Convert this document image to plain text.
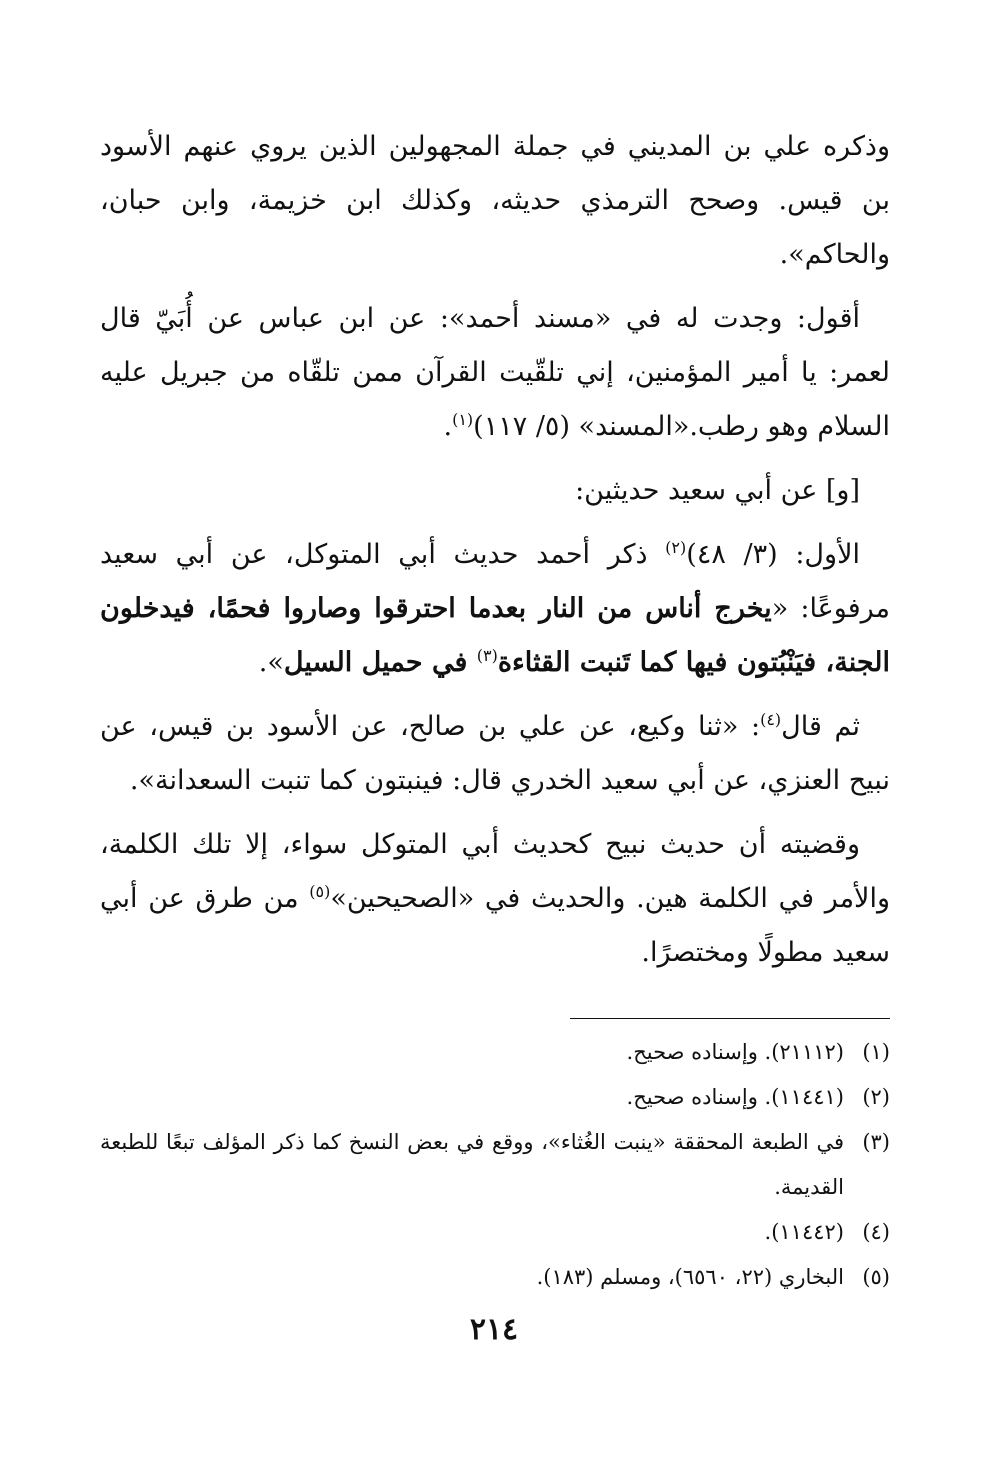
وذكره علي بن المديني في جملة المجهولين الذين يروي عنهم الأسود بن قيس. وصحح الترمذي حديثه، وكذلك ابن خزيمة، وابن حبان، والحاكم».

أقول: وجدت له في «مسند أحمد»: عن ابن عباس عن أُبَيّ قال لعمر: يا أمير المؤمنين، إني تلقّيت القرآن ممن تلقّاه من جبريل عليه السلام وهو رطب.«المسند» (٥/ ١١٧)$^{(١)}$.

[و] عن أبي سعيد حديثين:

الأول: (٣/ ٤٨)$^{(٢)}$ ذكر أحمد حديث أبي المتوكل، عن أبي سعيد مرفوعًا: «يخرج أناس من النار بعدما احترقوا وصاروا فحمًا، فيدخلون الجنة، فيَنْبُتون فيها كما تَنبت القثاءة$^{(٣)}$ في حميل السيل».

ثم قال$^{(٤)}$: «ثنا وكيع، عن علي بن صالح، عن الأسود بن قيس، عن نبيح العنزي، عن أبي سعيد الخدري قال: فينبتون كما تنبت السعدانة».

وقضيته أن حديث نبيح كحديث أبي المتوكل سواء، إلا تلك الكلمة، والأمر في الكلمة هين. والحديث في «الصحيحين»$^{(٥)}$ من طرق عن أبي سعيد مطولًا ومختصرًا.

(١)
(٢١١١٢). وإسناده صحيح.
(٢)
(١١٤٤١). وإسناده صحيح.
(٣)
في الطبعة المحققة «ينبت الغُثاء»، ووقع في بعض النسخ كما ذكر المؤلف تبعًا للطبعة القديمة.
(٤)
(١١٤٤٢).
(٥)
البخاري (٢٢، ٦٥٦٠)، ومسلم (١٨٣).
٢١٤
